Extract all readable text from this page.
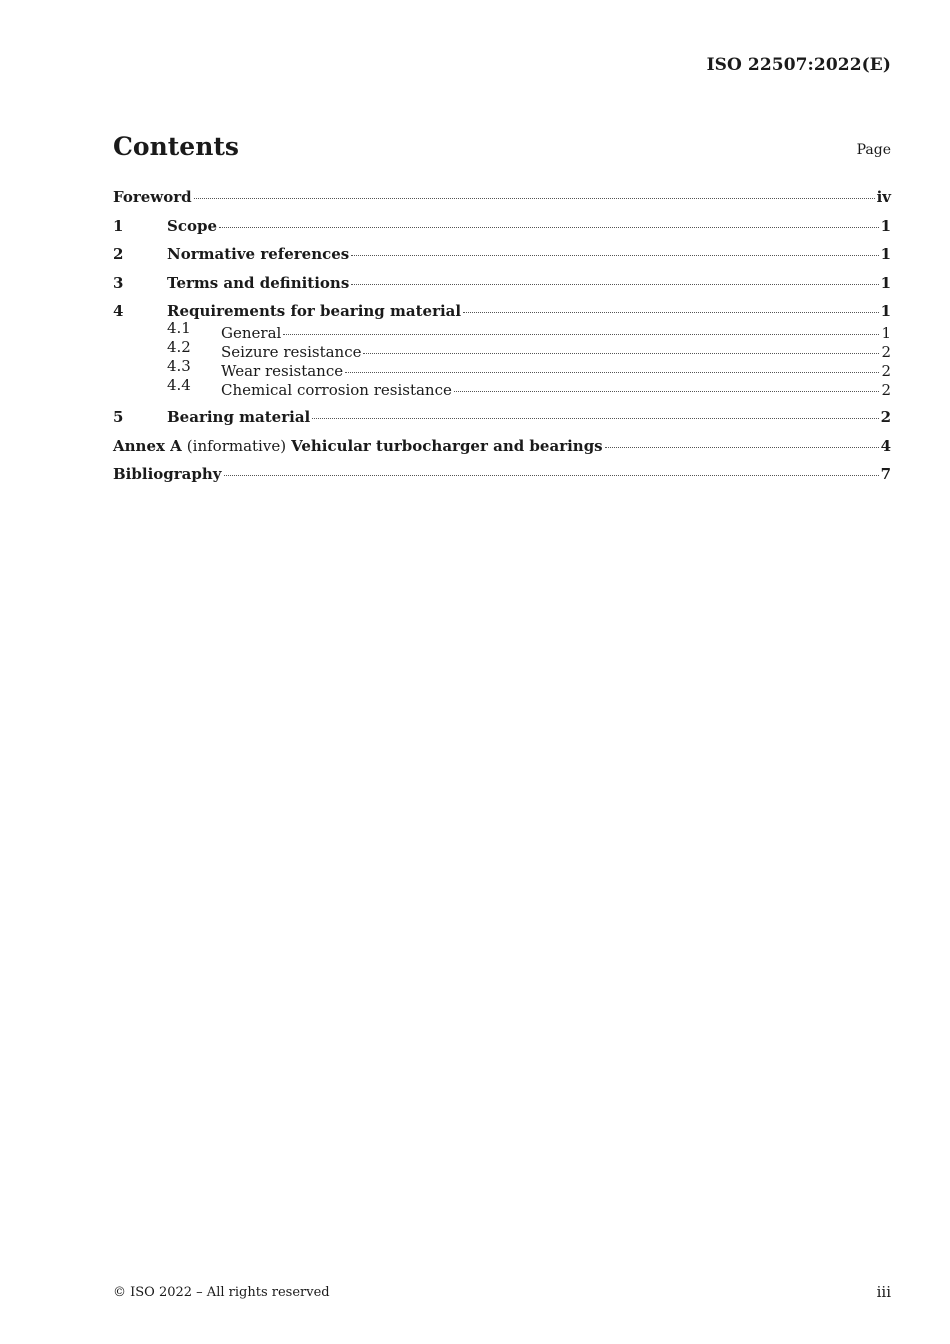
ISO 22507:2022(E)
Contents	Page
Foreword	iv
1	Scope	1
2	Normative references	1
3	Terms and definitions	1
4	Requirements for bearing material	1
4.1	General	1
4.2	Seizure resistance	2
4.3	Wear resistance	2
4.4	Chemical corrosion resistance	2
5	Bearing material	2
Annex A (informative) Vehicular turbocharger and bearings	4
Bibliography	7
© ISO 2022 – All rights reserved	iii
